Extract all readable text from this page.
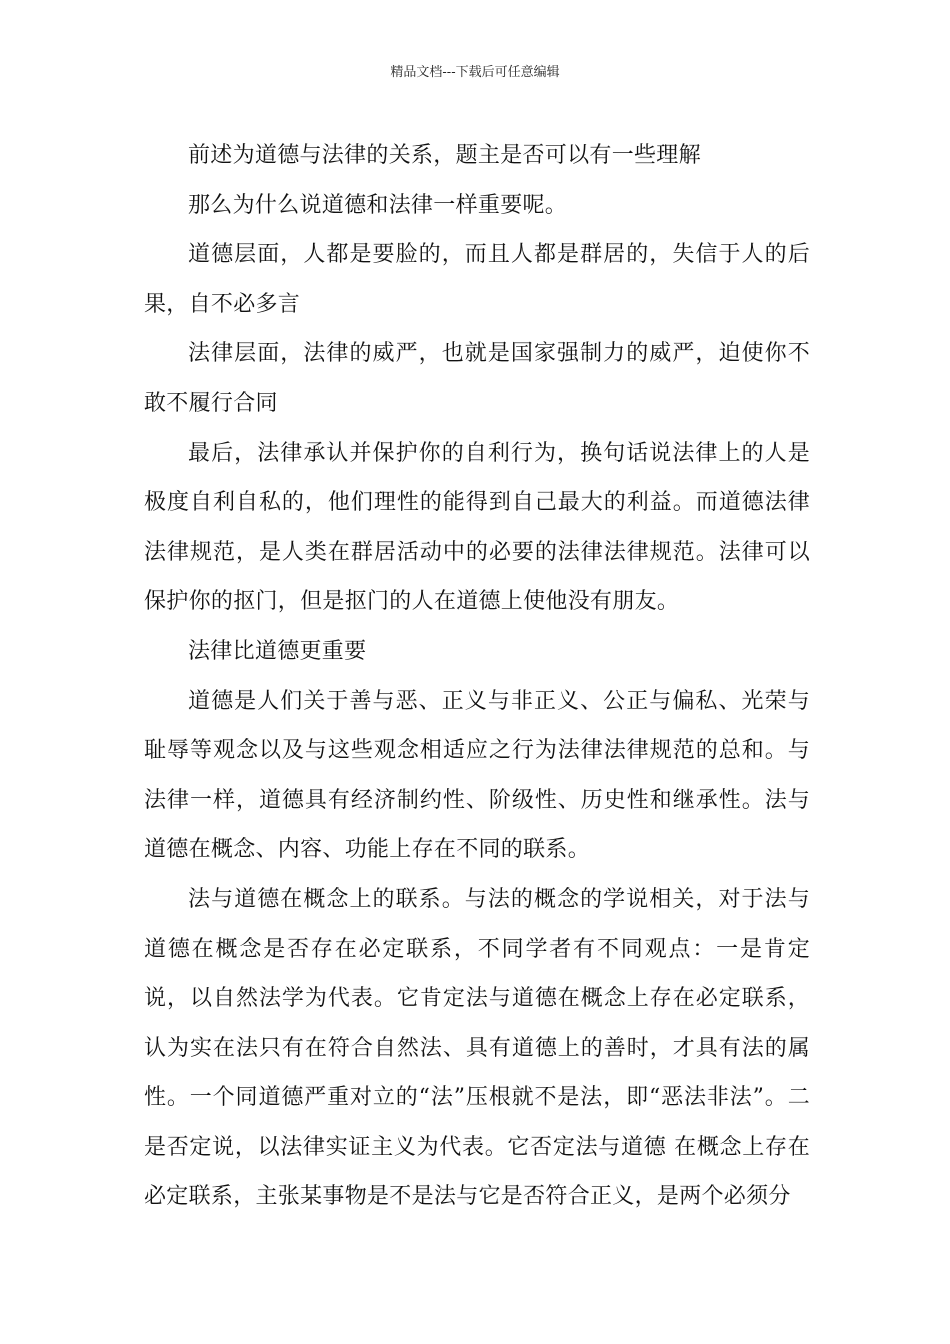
精品文档---下载后可任意编辑

前述为道德与法律的关系，题主是否可以有一些理解

那么为什么说道德和法律一样重要呢。

道德层面，人都是要脸的，而且人都是群居的，失信于人的后果，自不必多言

法律层面，法律的威严，也就是国家强制力的威严，迫使你不敢不履行合同

最后，法律承认并保护你的自利行为，换句话说法律上的人是极度自利自私的，他们理性的能得到自己最大的利益。而道德法律法律规范，是人类在群居活动中的必要的法律法律规范。法律可以保护你的抠门，但是抠门的人在道德上使他没有朋友。

法律比道德更重要

道德是人们关于善与恶、正义与非正义、公正与偏私、光荣与耻辱等观念以及与这些观念相适应之行为法律法律规范的总和。与法律一样，道德具有经济制约性、阶级性、历史性和继承性。法与道德在概念、内容、功能上存在不同的联系。

法与道德在概念上的联系。与法的概念的学说相关，对于法与道德在概念是否存在必定联系，不同学者有不同观点：一是肯定说，以自然法学为代表。它肯定法与道德在概念上存在必定联系，认为实在法只有在符合自然法、具有道德上的善时，才具有法的属性。一个同道德严重对立的“法”压根就不是法，即“恶法非法”。二是否定说，以法律实证主义为代表。它否定法与道德 在概念上存在必定联系，主张某事物是不是法与它是否符合正义，是两个必须分
